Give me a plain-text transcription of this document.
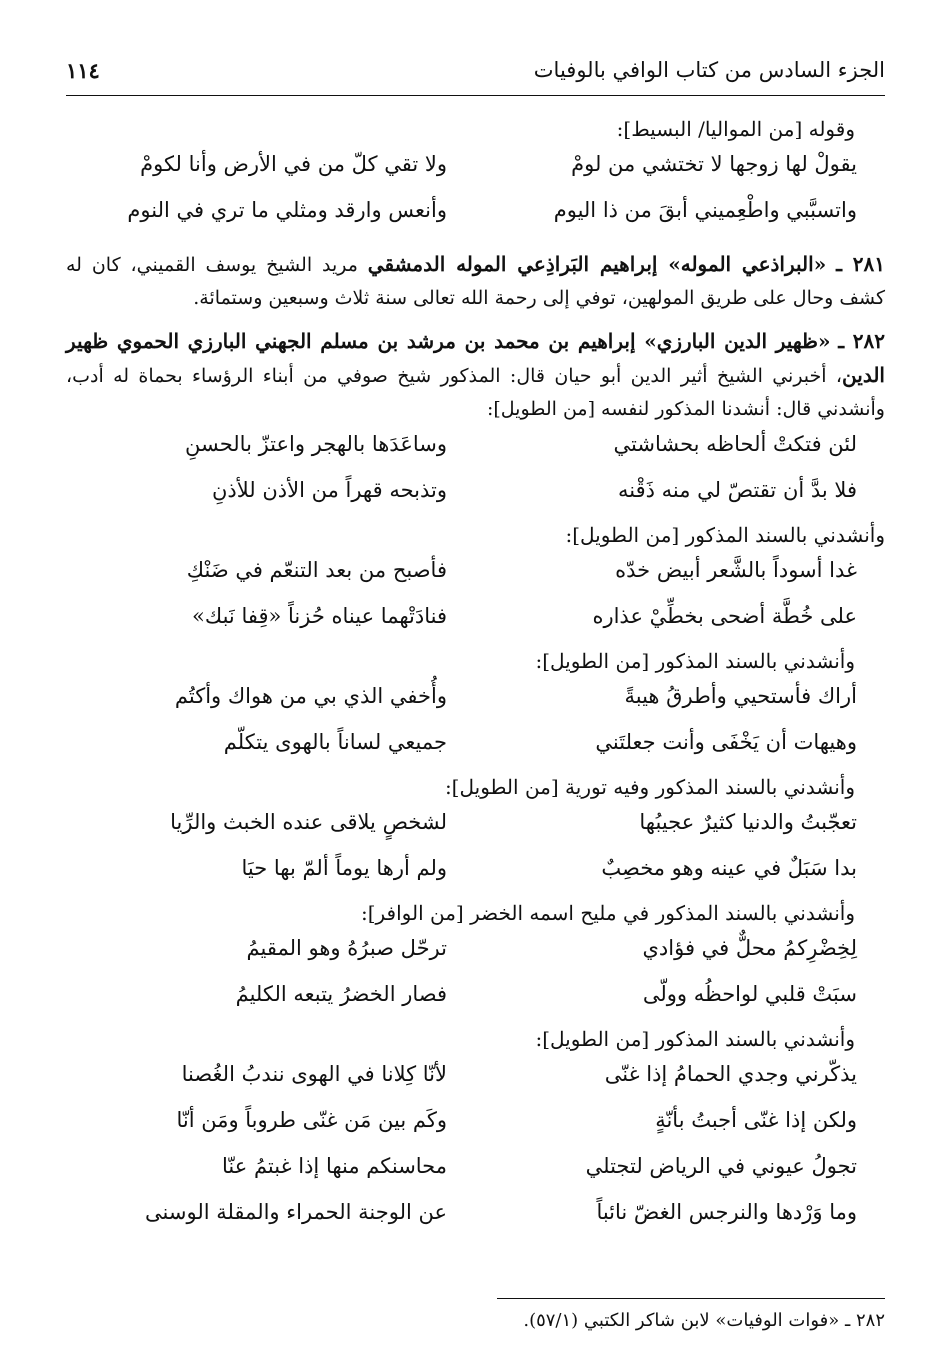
الجزء السادس من كتاب الوافي بالوفيات
١١٤
وقوله [من المواليا/ البسيط]:
يقولْ لها زوجها لا تختشي من لومْ
ولا تقي كلّ من في الأرض وأنا لكومْ
واتسبَّبي واطْعِميني أبقَ من ذا اليوم
وأنعس وارقد ومثلي ما تري في النوم
٢٨١ ـ «البراذعي الموله» إبراهيم البَراذِعي الموله الدمشقي مريد الشيخ يوسف القميني، كان له كشف وحال على طريق المولهين، توفي إلى رحمة الله تعالى سنة ثلاث وسبعين وستمائة.
٢٨٢ ـ «ظهير الدين البارزي» إبراهيم بن محمد بن مرشد بن مسلم الجهني البارزي الحموي ظهير الدين، أخبرني الشيخ أثير الدين أبو حيان قال: المذكور شيخ صوفي من أبناء الرؤساء بحماة له أدب، وأنشدني قال: أنشدنا المذكور لنفسه [من الطويل]:
لئن فتكتْ ألحاظه بحشاشتي
وساعَدَها بالهجر واعتزّ بالحسنِ
فلا بدَّ أن تقتصّ لي منه ذَقْنه
وتذبحه قهراً من الأذن للأذنِ
وأنشدني بالسند المذكور [من الطويل]:
غدا أسوداً بالشَّعر أبيض خدّه
فأصبح من بعد التنعّم في ضَنْكِ
على خُطَّة أضحى بخطِّيْ عذاره
فنادَتْهما عيناه حُزناً «قِفا نَبك»
وأنشدني بالسند المذكور [من الطويل]:
أراك فأستحيي وأطرقُ هيبةً
وأُخفي الذي بي من هواك وأكتُم
وهيهات أن يَخْفَى وأنت جعلتَني
جميعي لساناً بالهوى يتكلّم
وأنشدني بالسند المذكور وفيه تورية [من الطويل]:
تعجّبتُ والدنيا كثيرٌ عجيبُها
لشخصٍ يلاقى عنده الخبث والرِّيا
بدا سَبَلٌ في عينه وهو مخصِبٌ
ولم أرها يوماً ألمّ بها حيَا
وأنشدني بالسند المذكور في مليح اسمه الخضر [من الوافر]:
لِخِضْرِكمُ محلٌّ في فؤادي
ترحّل صبرُهُ وهو المقيمُ
سبَتْ قلبي لواحظُه وولّى
فصار الخضرُ يتبعه الكليمُ
وأنشدني بالسند المذكور [من الطويل]:
يذكّرني وجدي الحمامُ إذا غنّى
لأنّا كِلانا في الهوى نندبُ الغُصنا
ولكن إذا غنّى أجبتُ بأنّةٍ
وكَم بين مَن غنّى طروباً ومَن أنّا
تجولُ عيوني في الرياض لتجتلي
محاسنكم منها إذا غبتمُ عنّا
وما وَرْدها والنرجس الغضّ نائباً
عن الوجنة الحمراء والمقلة الوسنى
٢٨٢ ـ «فوات الوفيات» لابن شاكر الكتبي (٥٧/١).
